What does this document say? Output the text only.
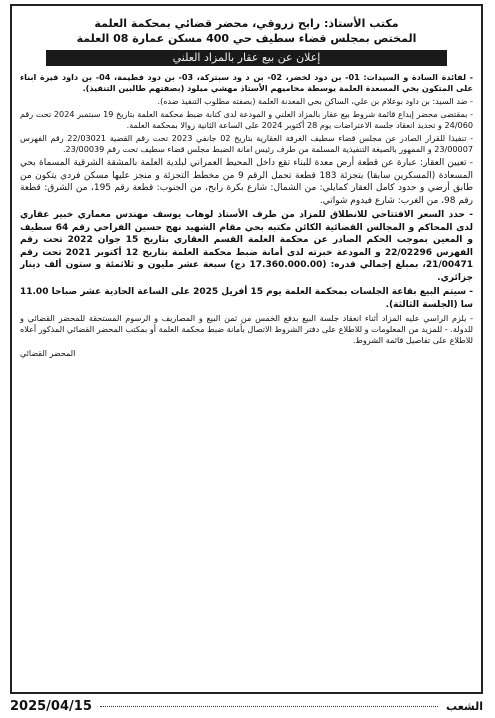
مكتب الأستاذ: رابح زروقي، محضر قضائي بمحكمة العلمة
المختص بمجلس قضاء سطيف حي 400 مسكن عمارة 08 العلمة
إعلان عن بيع عقار بالمزاد العلني

- لفائدة السادة و السيدات: 01- بن دود لخضر، 02- بن د ود سبتركة، 03- بن دود فطيمة، 04- بن داود فيزة ابناء على المتكون بحي المسعدة العلمة يوسطة محاميهم الأستاذ مهشي ميلود (بصفتهم طالبين التنفيذ).

- ضد السيد: بن داود بوعلام بن علي، الساكن بحي المعدنة العلمة (بصفته مطلوب التنفيذ ضده).

- بمقتضى محضر إيداع قائمة شروط بيع عقار بالمزاد العلني و المودعة لدى كتابة ضبط محكمة العلمة بتاريخ 19 سبتمبر 2024 تحت رقم 24/060 و تحديد انعقاد جلسة الاعتراضات يوم 28 أكتوبر 2024 على الساعة الثانية زوالا بمحكمة العلمة.

- تنفيذا للقرار الصادر عن مجلس قضاء سطيف الغرفة العقارية بتاريخ 02 جانفي 2023 تحت رقم القضية 22/03021 رقم الفهرس 23/00007 و الممهور بالصيغة التنفيذية المسلمة من طرف رئيس امانة الضبط مجلس قضاء سطيف تحت رقم 23/00039.

- تعيين العقار: عبارة عن قطعة أرض معدة للبناء تقع داخل المحيط العمراني لبلدية العلمة بالمشقة الشرقية المسماة بحي المسعادة (المسكرين سابقا) بتجزئة 183 قطعة تحمل الرقم 9 من مخطط التجزئة و منجز عليها مسكن فردي يتكون من طابق أرضي و حدود كامل العقار كمايلي: من الشمال: شارع بكرة رابح، من الجنوب: قطعة رقم 195، من الشرق: قطعة رقم 98، من الغرب: شارع فيدوم شواتي.

- حدد السعر الافتتاحي للانطلاق للمزاد من طرف الأستاذ لوهاب يوسف مهندس معماري خبير عقاري لدى المحاكم و المجالس القضائية الكائن مكتبه بحي مقام الشهيد نهج حسين الفراحي رقم 64 سطيف و المعين بموجب الحكم الصادر عن محكمة العلمة القسم العقاري بتاريخ 15 جوان 2022 تحت رقم الفهرس 22/02296 و المودعة خبرته لدى أمانة ضبط محكمة العلمة بتاريخ 12 أكتوبر 2021 تحت رقم 21/00471، بمبلغ إجمالي قدره: (17.360.000.00 دج) سبعة عشر مليون و ثلاثمئة و ستون ألف دينار جزائري.

- سيتم البيع بقاعة الجلسات بمحكمة العلمة يوم 15 أفريل 2025 على الساعة الحادية عشر صباحا 11.00 سا (الجلسة الثالثة).

- يلزم الراسي عليه المزاد أثناء انعقاد جلسة البيع بدفع الخمس من ثمن البيع و المصاريف و الرسوم المستحقة للمحضر القضائي و للدولة. - للمزيد من المعلومات و للاطلاع على دفتر الشروط الاتصال بأمانة ضبط محكمة العلمة أو بمكتب المحضر القضائي المذكور أعلاه للاطلاع على تفاصيل قائمة الشروط.

المحضر القضائي
الشعب
2025/04/15
